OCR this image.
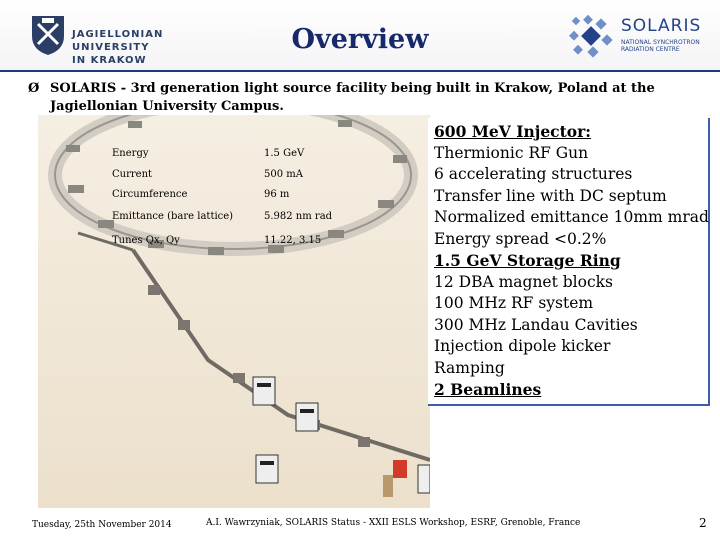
JAGIELLONIAN UNIVERSITY
IN KRAKOW
Overview	SOLARIS
NATIONAL SYNCHROTRON
RADIATION CENTRE
Ø SOLARIS - 3rd generation light source facility being built in Krakow, Poland at the Jagiellonian University Campus.
Energy	1.5 GeV
Current	500 mA
Circumference	96 m
Emittance (bare lattice)	5.982 nm rad
Tunes Qx, Qy	11.22, 3.15
600 MeV Injector:
Thermionic RF Gun
6 accelerating structures
Transfer line with DC septum
Normalized emittance 10mm mrad
Energy spread <0.2%
1.5 GeV Storage Ring
12 DBA magnet blocks
100 MHz RF system
300 MHz Landau Cavities
Injection dipole kicker
Ramping
2 Beamlines
Tuesday, 25th November 2014	A.I. Wawrzyniak, SOLARIS Status - XXII ESLS Workshop, ESRF, Grenoble, France	2
